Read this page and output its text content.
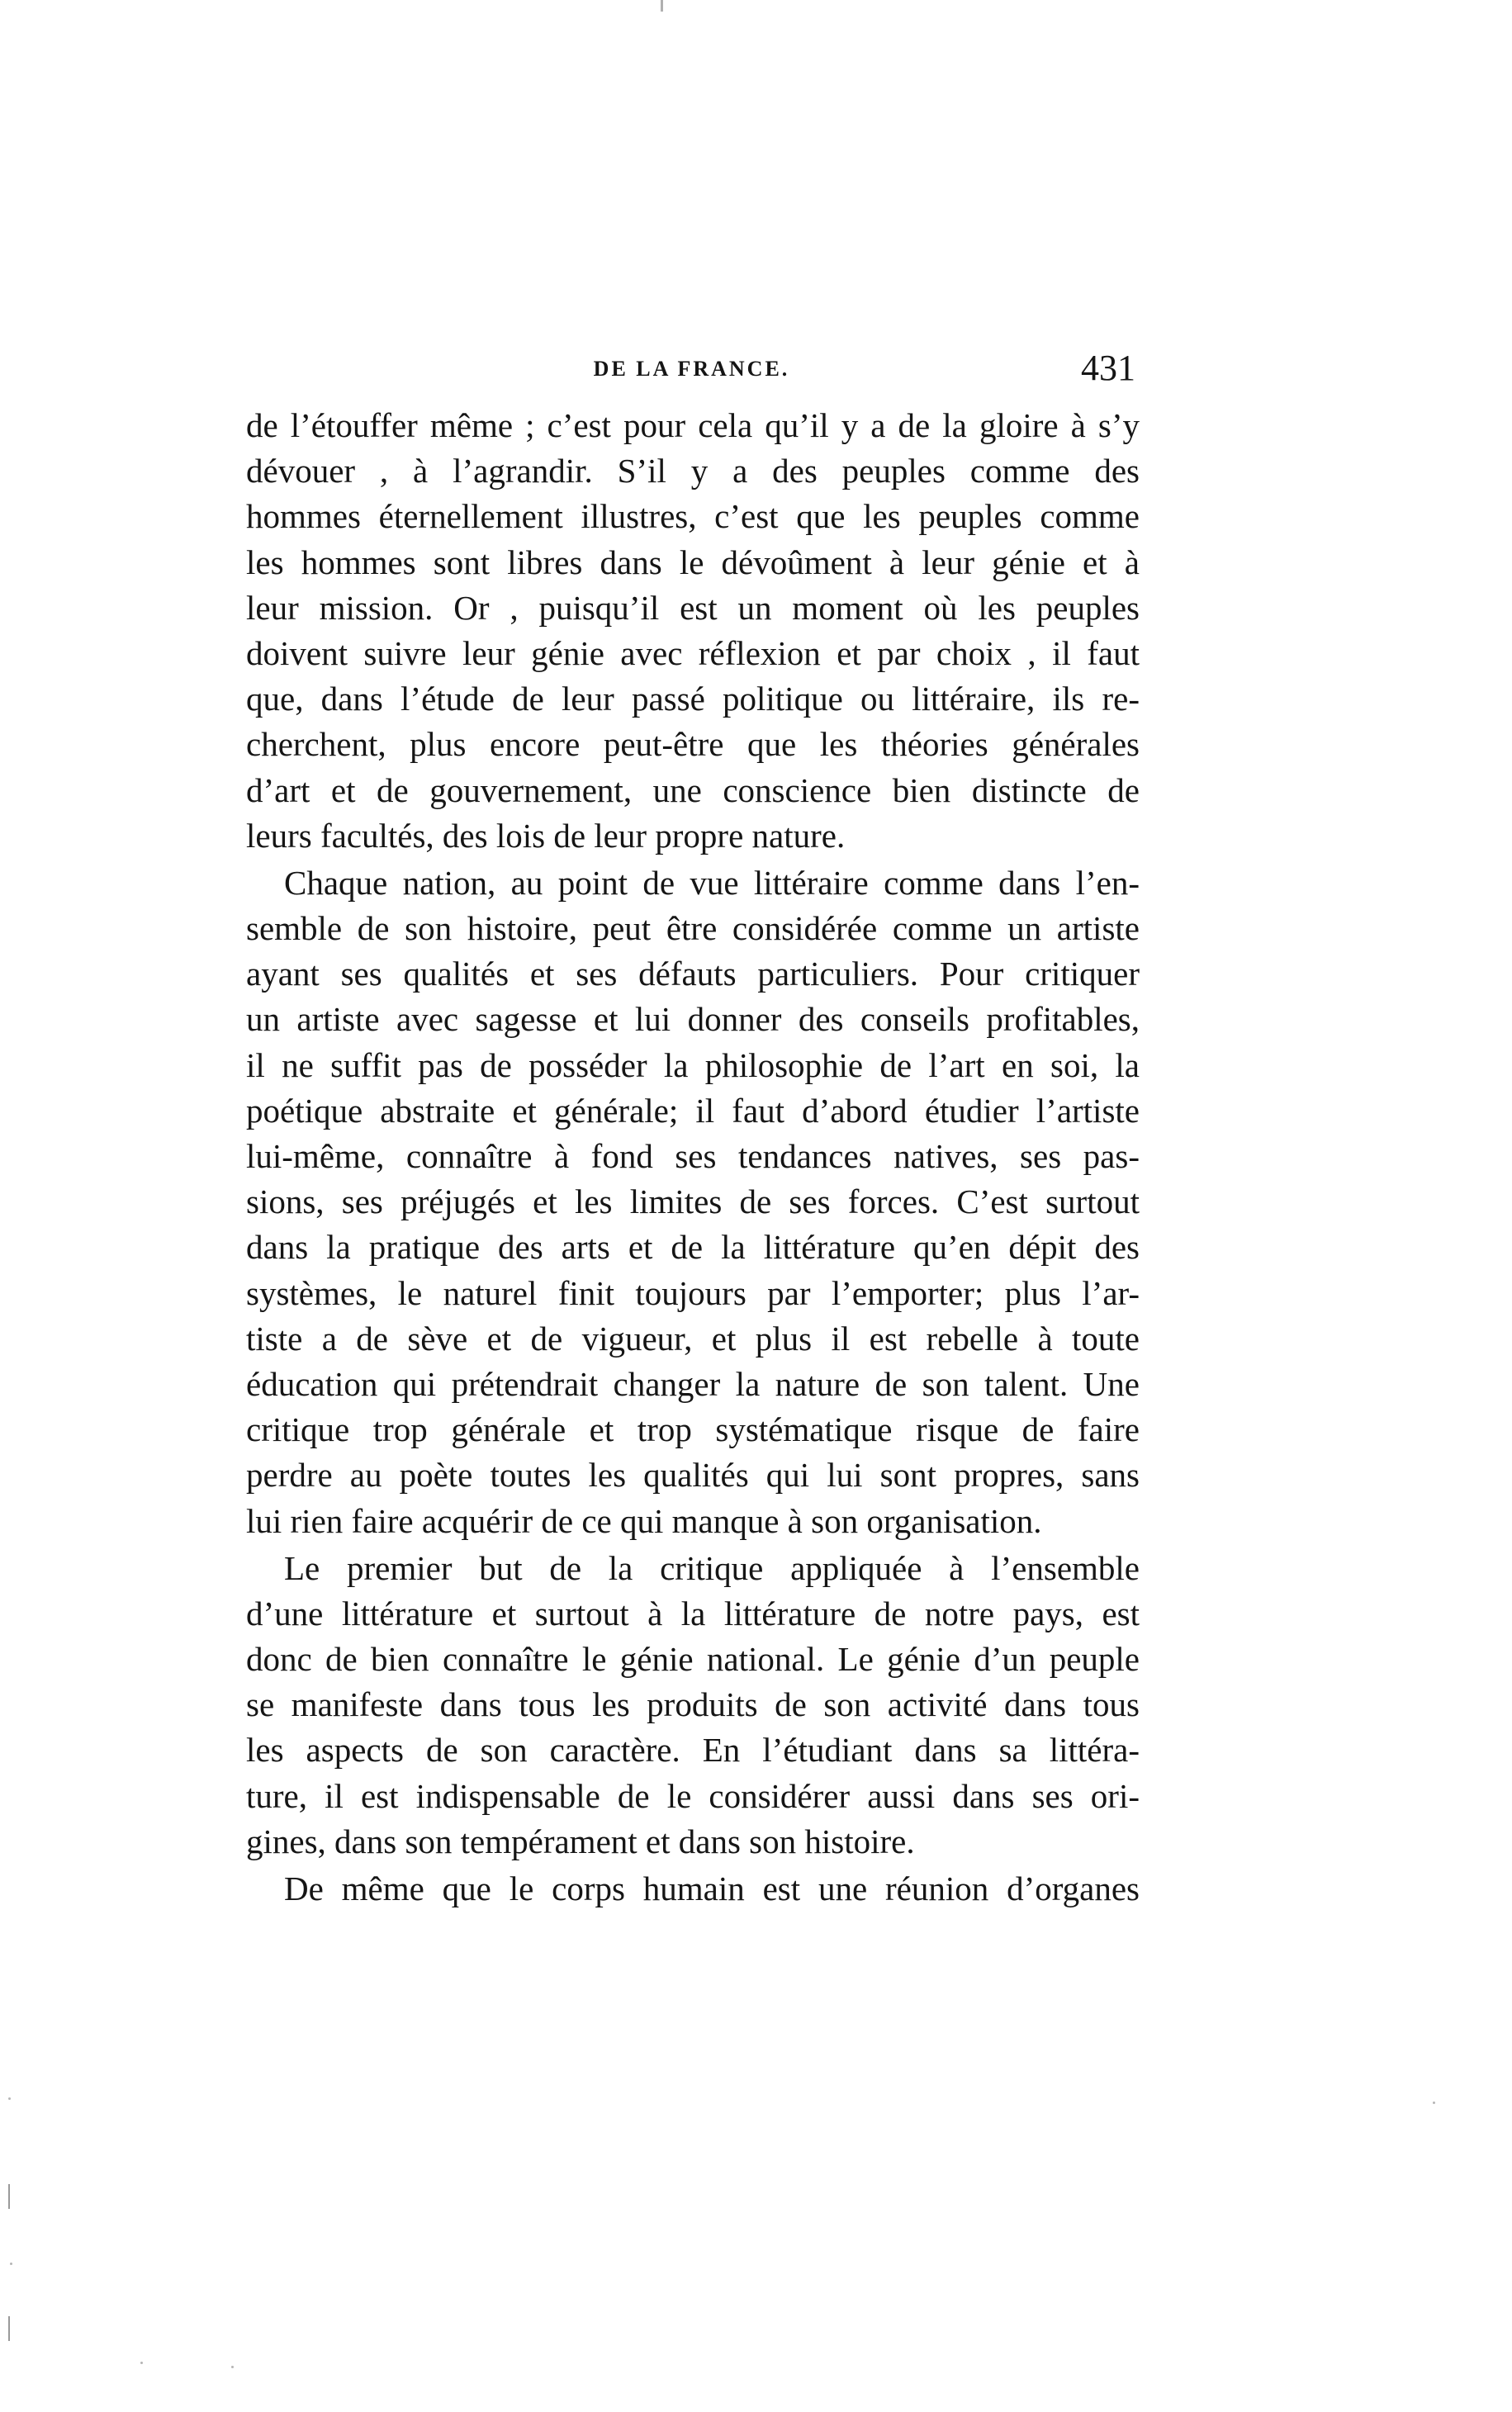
DE LA FRANCE.	431
de l’étouffer même ; c’est pour cela qu’il y a de la gloire à s’y
dévouer , à l’agrandir. S’il y a des peuples comme des
hommes éternellement illustres, c’est que les peuples comme
les hommes sont libres dans le dévoûment à leur génie et à
leur mission. Or , puisqu’il est un moment où les peuples
doivent suivre leur génie avec réflexion et par choix , il faut
que, dans l’étude de leur passé politique ou littéraire, ils re-
cherchent, plus encore peut-être que les théories générales
d’art et de gouvernement, une conscience bien distincte de
leurs facultés, des lois de leur propre nature.
Chaque nation, au point de vue littéraire comme dans l’en-
semble de son histoire, peut être considérée comme un artiste
ayant ses qualités et ses défauts particuliers. Pour critiquer
un artiste avec sagesse et lui donner des conseils profitables,
il ne suffit pas de posséder la philosophie de l’art en soi, la
poétique abstraite et générale; il faut d’abord étudier l’artiste
lui-même, connaître à fond ses tendances natives, ses pas-
sions, ses préjugés et les limites de ses forces. C’est surtout
dans la pratique des arts et de la littérature qu’en dépit des
systèmes, le naturel finit toujours par l’emporter; plus l’ar-
tiste a de sève et de vigueur, et plus il est rebelle à toute
éducation qui prétendrait changer la nature de son talent. Une
critique trop générale et trop systématique risque de faire
perdre au poète toutes les qualités qui lui sont propres, sans
lui rien faire acquérir de ce qui manque à son organisation.
Le premier but de la critique appliquée à l’ensemble
d’une littérature et surtout à la littérature de notre pays, est
donc de bien connaître le génie national. Le génie d’un peuple
se manifeste dans tous les produits de son activité dans tous
les aspects de son caractère. En l’étudiant dans sa littéra-
ture, il est indispensable de le considérer aussi dans ses ori-
gines, dans son tempérament et dans son histoire.
De même que le corps humain est une réunion d’organes
